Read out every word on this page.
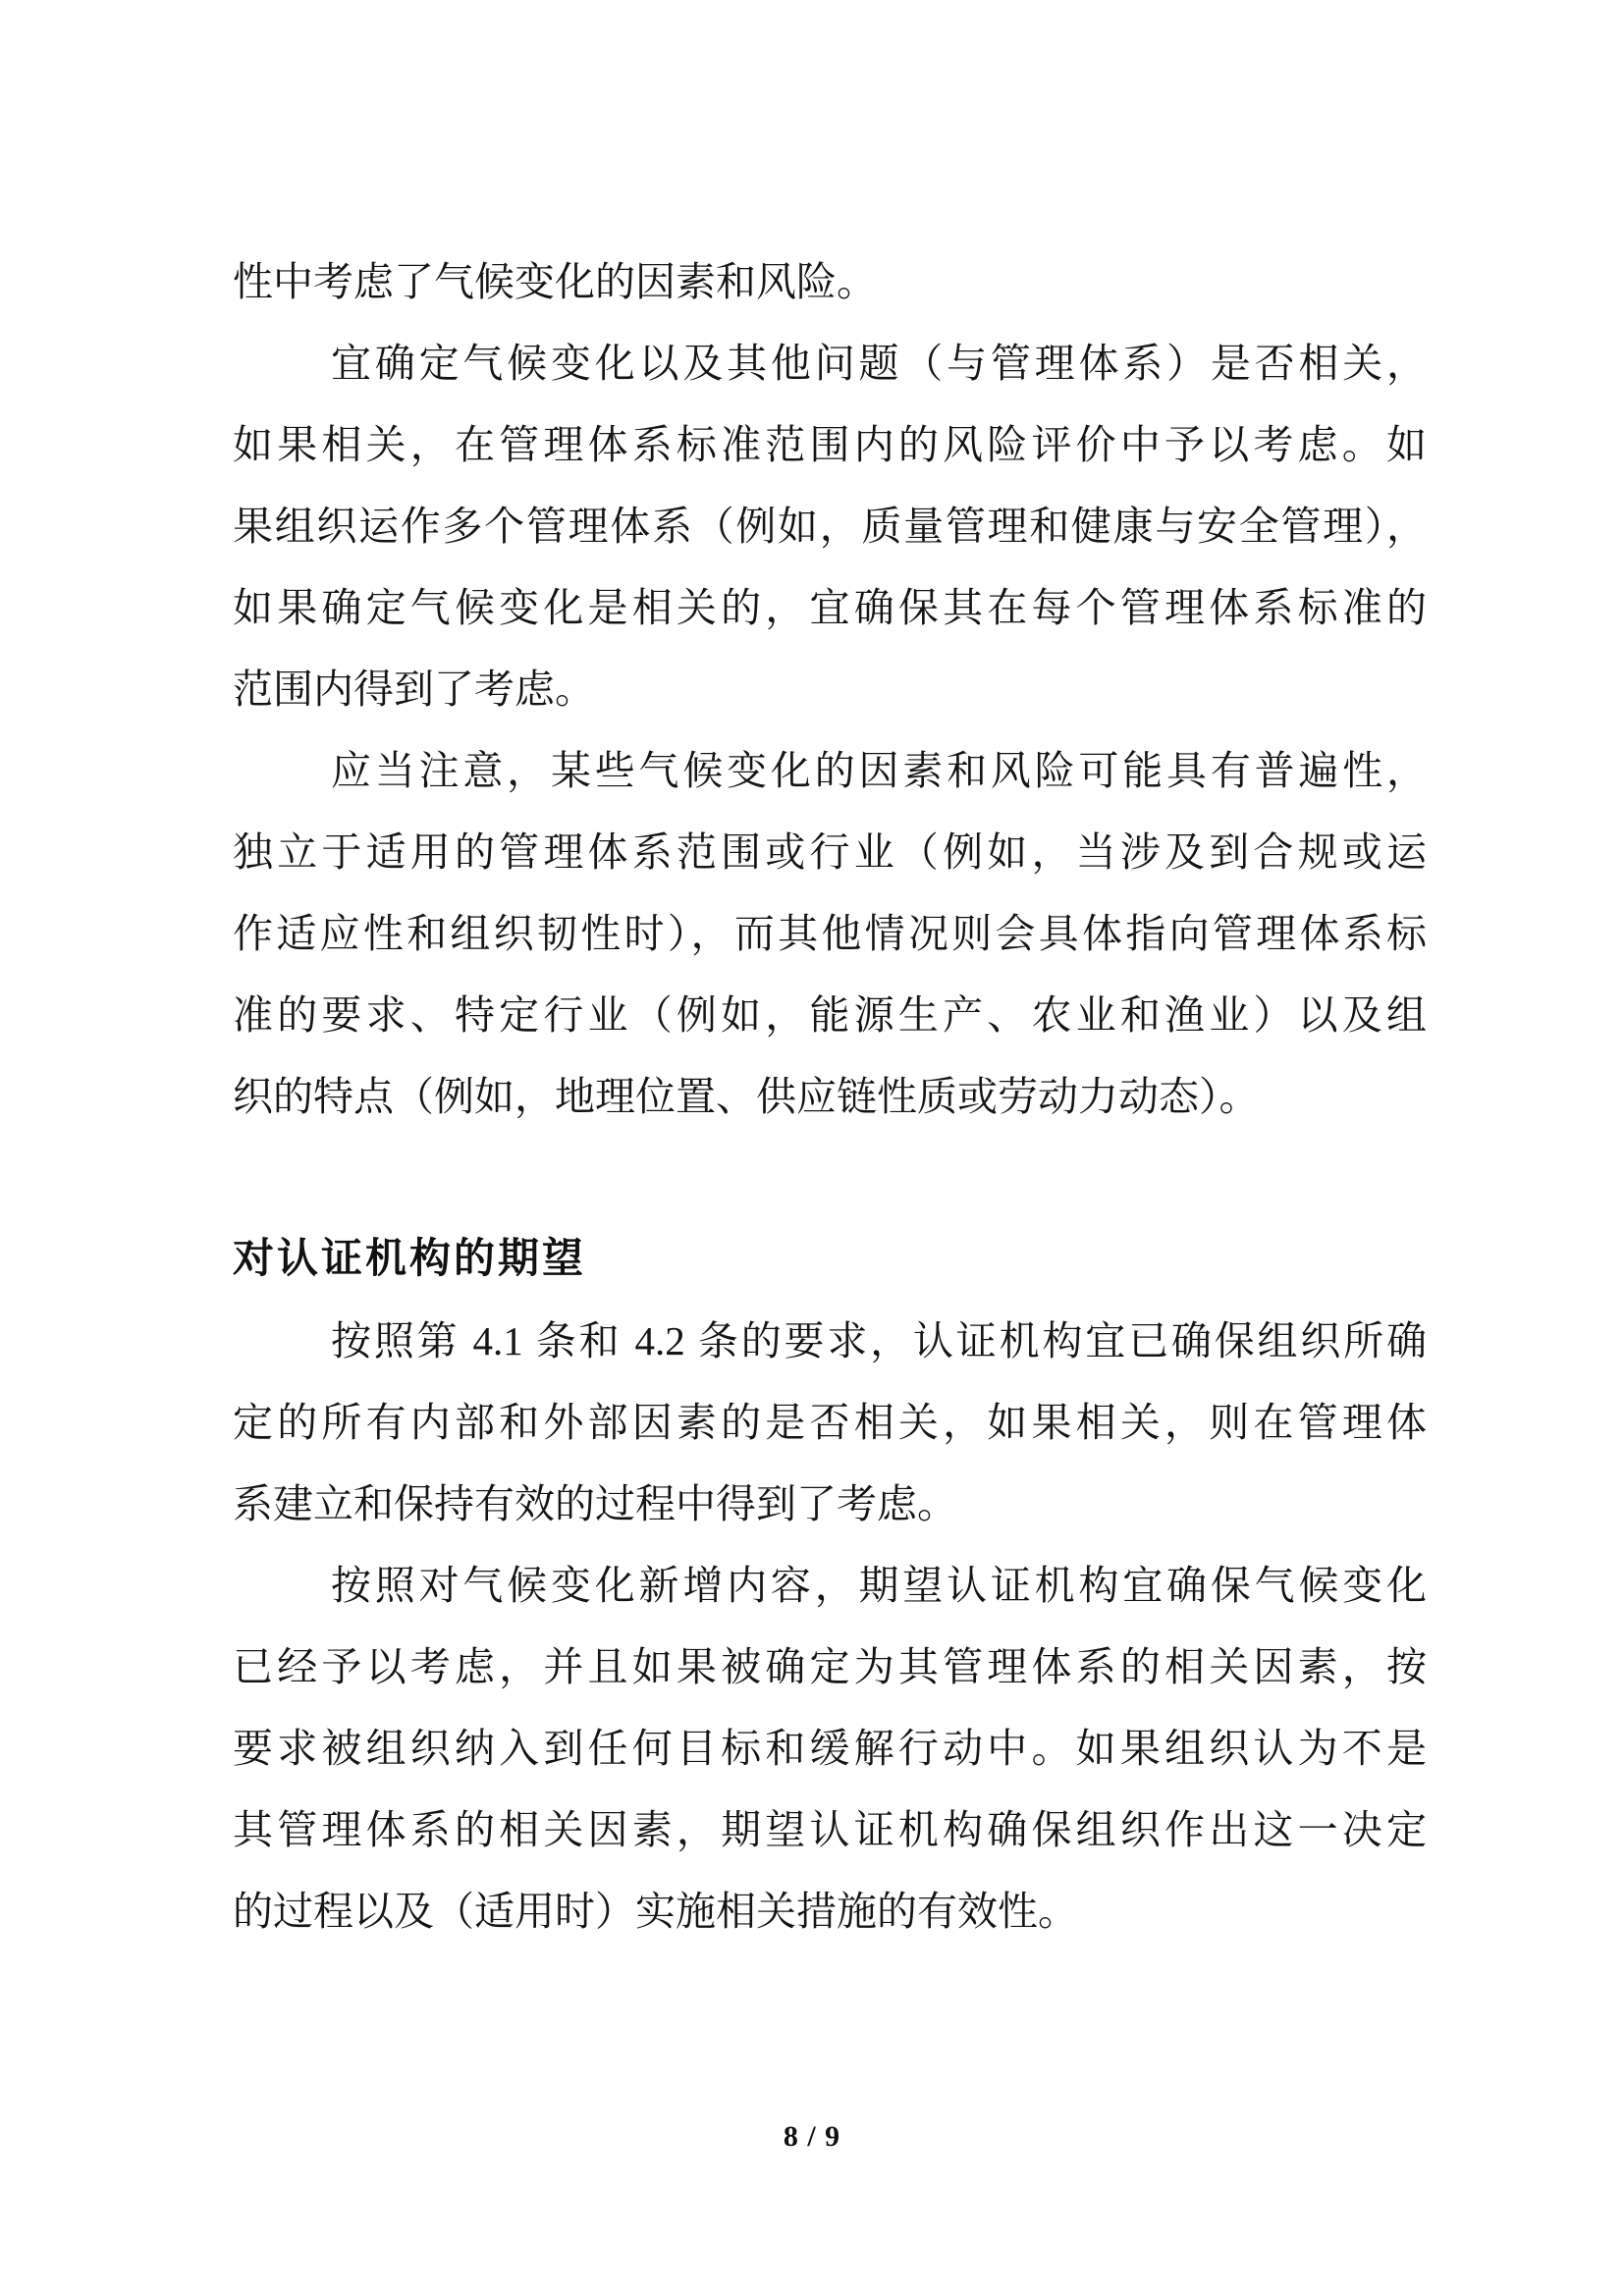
性中考虑了气候变化的因素和风险。
宜确定气候变化以及其他问题（与管理体系）是否相关，
如果相关，在管理体系标准范围内的风险评价中予以考虑。如
果组织运作多个管理体系（例如，质量管理和健康与安全管理），
如果确定气候变化是相关的，宜确保其在每个管理体系标准的
范围内得到了考虑。
应当注意，某些气候变化的因素和风险可能具有普遍性，
独立于适用的管理体系范围或行业（例如，当涉及到合规或运
作适应性和组织韧性时），而其他情况则会具体指向管理体系标
准的要求、特定行业（例如，能源生产、农业和渔业）以及组
织的特点（例如，地理位置、供应链性质或劳动力动态）。
对认证机构的期望
按照第 4.1 条和 4.2 条的要求，认证机构宜已确保组织所确
定的所有内部和外部因素的是否相关，如果相关，则在管理体
系建立和保持有效的过程中得到了考虑。
按照对气候变化新增内容，期望认证机构宜确保气候变化
已经予以考虑，并且如果被确定为其管理体系的相关因素，按
要求被组织纳入到任何目标和缓解行动中。如果组织认为不是
其管理体系的相关因素，期望认证机构确保组织作出这一决定
的过程以及（适用时）实施相关措施的有效性。
8 / 9
